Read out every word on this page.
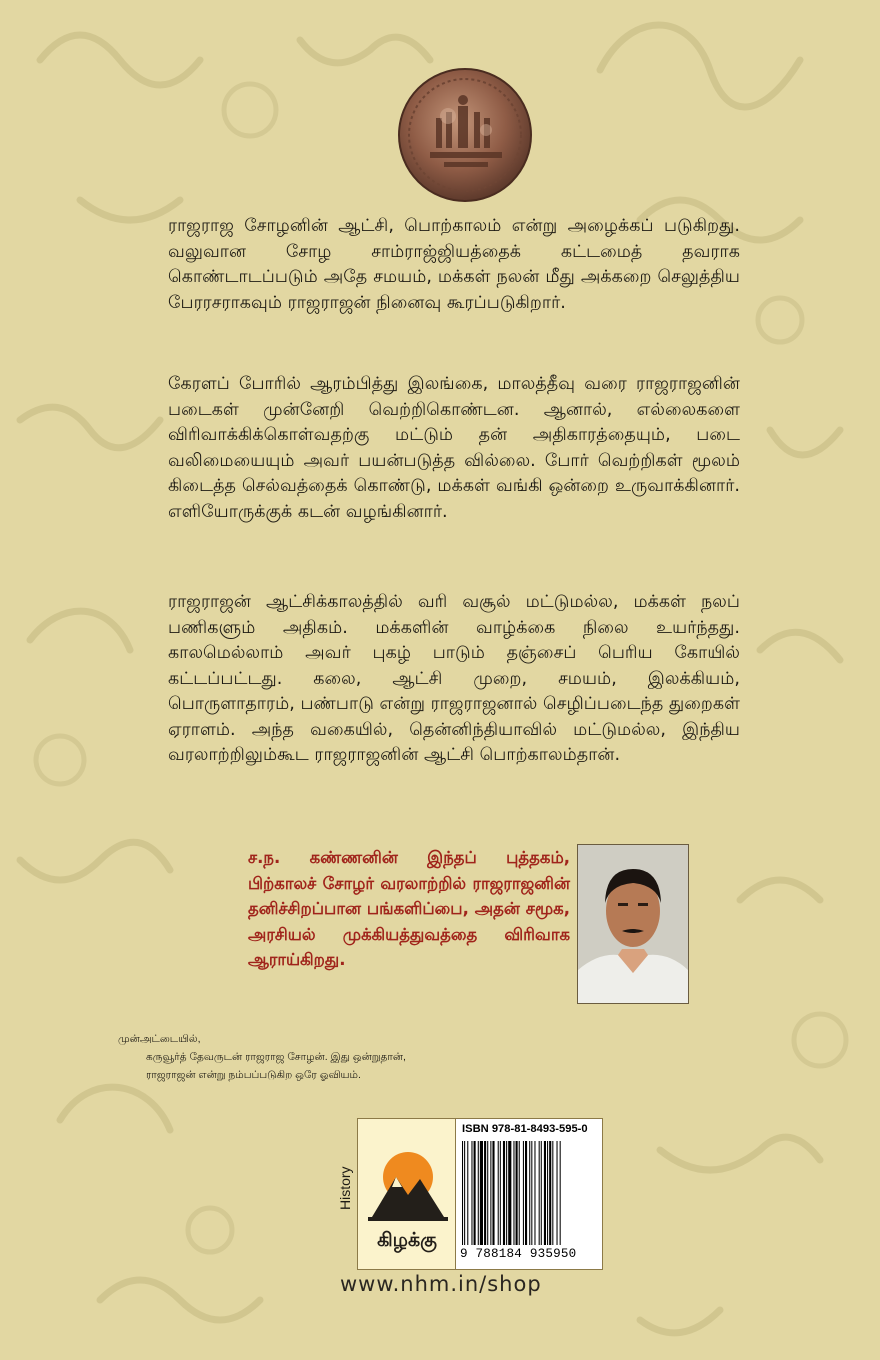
ராஜராஜ சோழனின் ஆட்சி, பொற்காலம் என்று அழைக்கப் படுகிறது. வலுவான சோழ சாம்ராஜ்ஜியத்தைக் கட்டமைத் தவராக கொண்டாடப்படும் அதே சமயம், மக்கள் நலன் மீது அக்கறை செலுத்திய பேரரசராகவும் ராஜராஜன் நினைவு கூரப்படுகிறார்.

கேரளப் போரில் ஆரம்பித்து இலங்கை, மாலத்தீவு வரை ராஜராஜனின் படைகள் முன்னேறி வெற்றிகொண்டன. ஆனால், எல்லைகளை விரிவாக்கிக்கொள்வதற்கு மட்டும் தன் அதிகாரத்தையும், படை வலிமையையும் அவர் பயன்படுத்த வில்லை. போர் வெற்றிகள் மூலம் கிடைத்த செல்வத்தைக் கொண்டு, மக்கள் வங்கி ஒன்றை உருவாக்கினார். எளியோருக்குக் கடன் வழங்கினார்.

ராஜராஜன் ஆட்சிக்காலத்தில் வரி வசூல் மட்டுமல்ல, மக்கள் நலப் பணிகளும் அதிகம். மக்களின் வாழ்க்கை நிலை உயர்ந்தது. காலமெல்லாம் அவர் புகழ் பாடும் தஞ்சைப் பெரிய கோயில் கட்டப்பட்டது. கலை, ஆட்சி முறை, சமயம், இலக்கியம், பொருளாதாரம், பண்பாடு என்று ராஜராஜனால் செழிப்படைந்த துறைகள் ஏராளம். அந்த வகையில், தென்னிந்தியாவில் மட்டுமல்ல, இந்திய வரலாற்றிலும்கூட ராஜராஜனின் ஆட்சி பொற்காலம்தான்.

ச.ந. கண்ணனின் இந்தப் புத்தகம், பிற்காலச் சோழர் வரலாற்றில் ராஜராஜனின் தனிச்சிறப்பான பங்களிப்பை, அதன் சமூக, அரசியல் முக்கியத்துவத்தை விரிவாக ஆராய்கிறது.

முன்அட்டையில்,
கருவூர்த் தேவருடன் ராஜராஜ சோழன். இது ஒன்றுதான்,
ராஜராஜன் என்று நம்பப்படுகிற ஒரே ஓவியம்.
History
கிழக்கு
ISBN 978-81-8493-595-0
9 788184 935950
www.nhm.in/shop
